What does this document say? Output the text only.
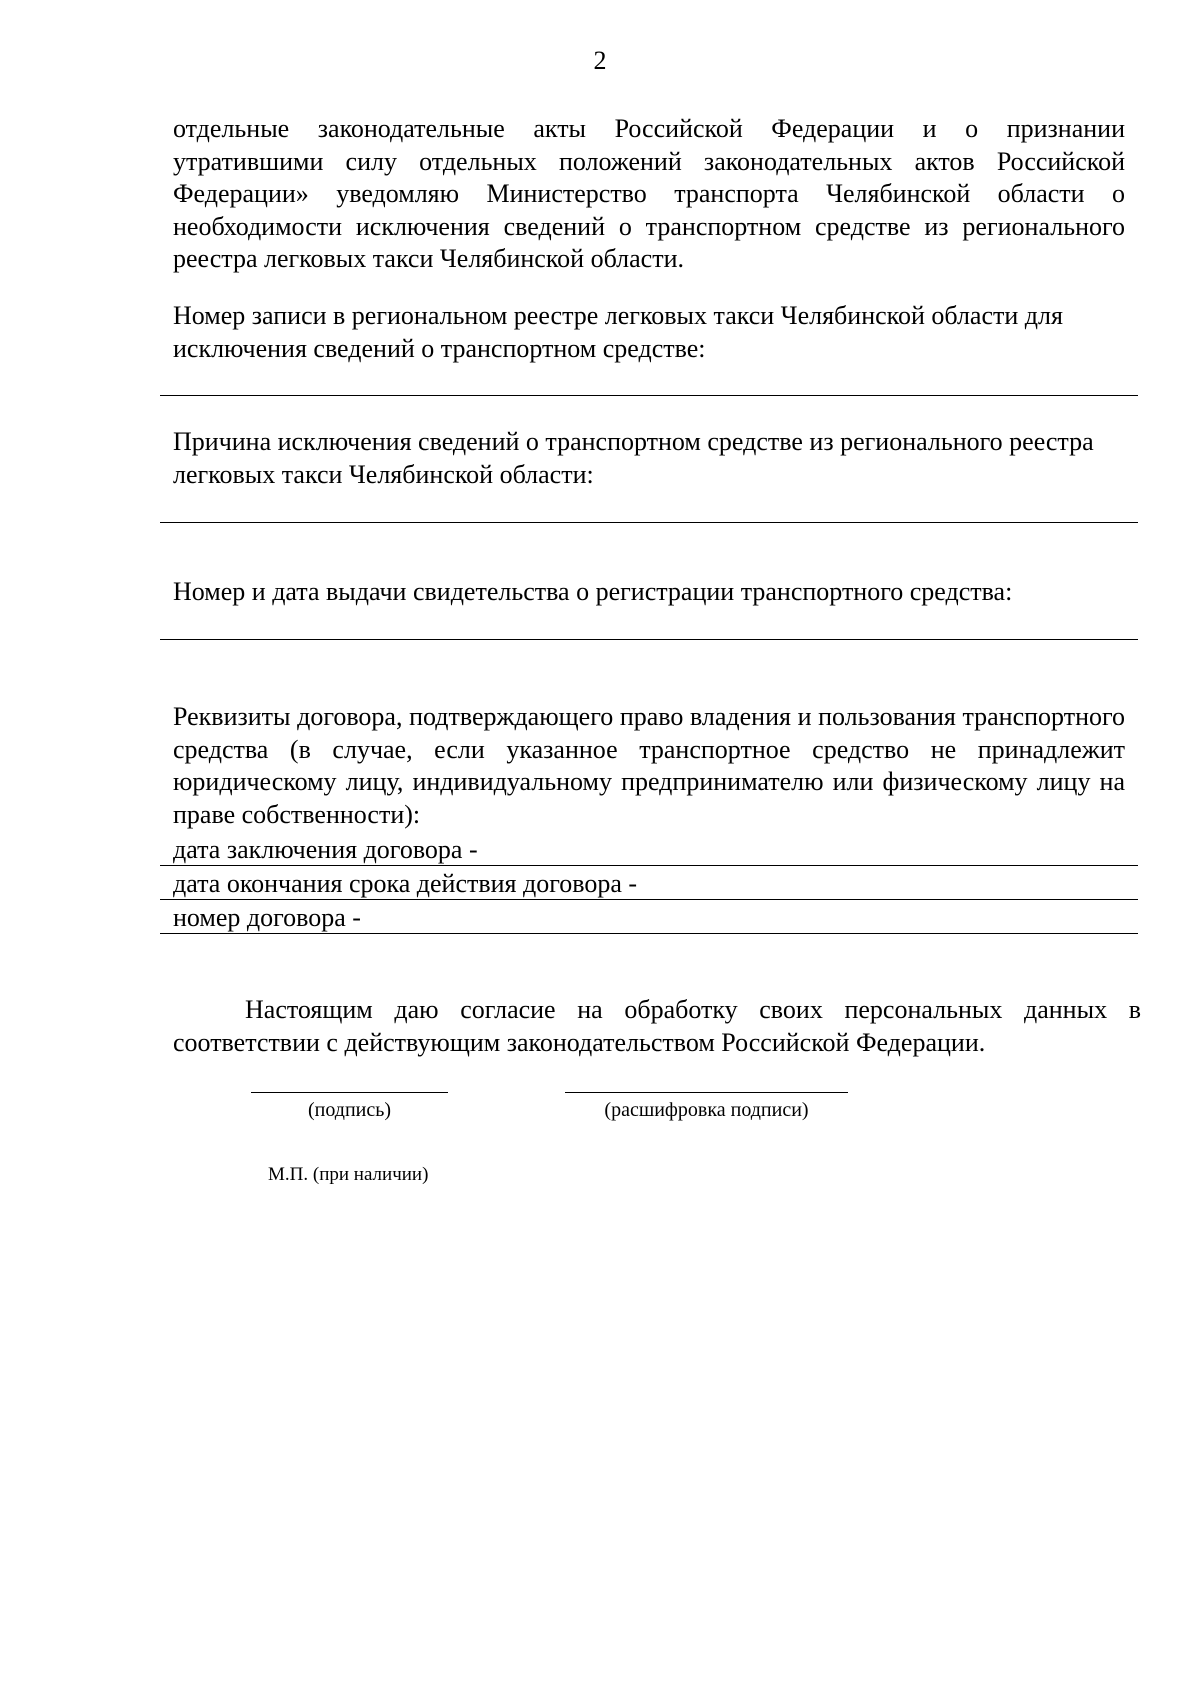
2

отдельные законодательные акты Российской Федерации и о признании утратившими силу отдельных положений законодательных актов Российской Федерации» уведомляю Министерство транспорта Челябинской области о необходимости исключения сведений о транспортном средстве из регионального реестра легковых такси Челябинской области.

Номер записи в региональном реестре легковых такси Челябинской области для исключения сведений о транспортном средстве:

Причина исключения сведений о транспортном средстве из регионального реестра легковых такси Челябинской области:

Номер и дата выдачи свидетельства о регистрации транспортного средства:

Реквизиты договора, подтверждающего право владения и пользования транспортного средства (в случае, если указанное транспортное средство не принадлежит юридическому лицу, индивидуальному предпринимателю или физическому лицу на праве собственности):

дата заключения договора -
дата окончания срока действия договора -
номер договора -

Настоящим даю согласие на обработку своих персональных данных в соответствии с действующим законодательством Российской Федерации.

(подпись)	(расшифровка подписи)
М.П. (при наличии)
